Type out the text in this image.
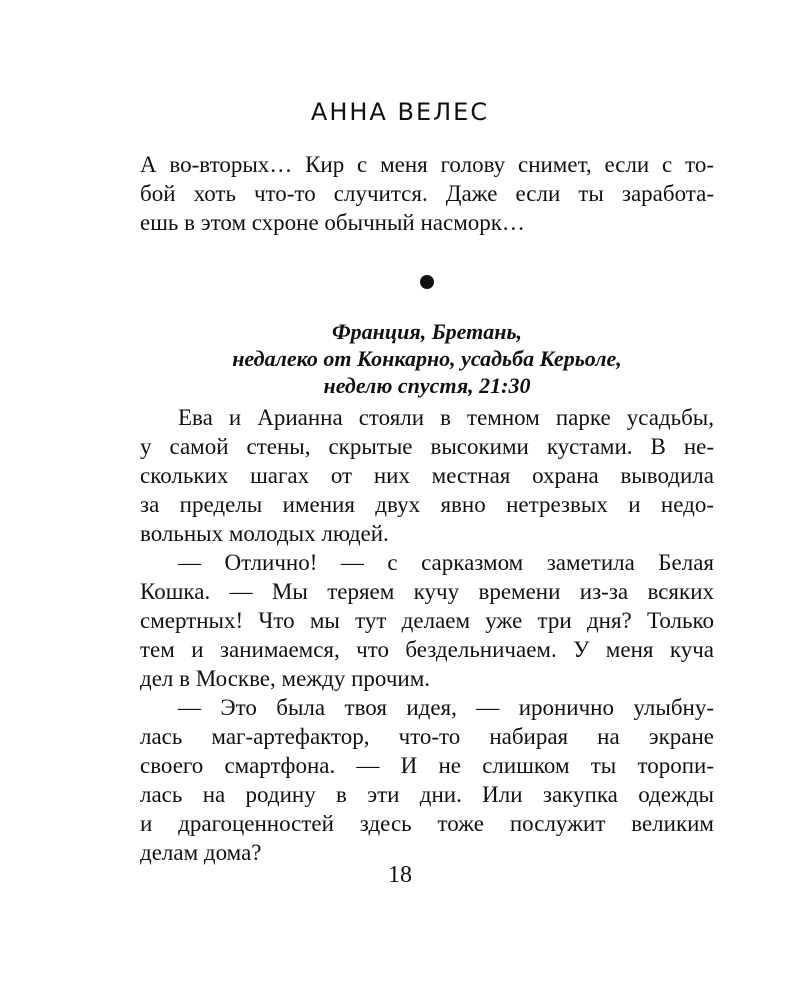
АННА ВЕЛЕС
А во-вторых… Кир с меня голову снимет, если с то-
бой хоть что-то случится. Даже если ты заработа-
ешь в этом схроне обычный насморк…
Франция, Бретань,
недалеко от Конкарно, усадьба Керьоле,
неделю спустя, 21:30
Ева и Арианна стояли в темном парке усадьбы,
у самой стены, скрытые высокими кустами. В не-
скольких шагах от них местная охрана выводила
за пределы имения двух явно нетрезвых и недо-
вольных молодых людей.
— Отлично! — с сарказмом заметила Белая
Кошка. — Мы теряем кучу времени из-за всяких
смертных! Что мы тут делаем уже три дня? Только
тем и занимаемся, что бездельничаем. У меня куча
дел в Москве, между прочим.
— Это была твоя идея, — иронично улыбну-
лась маг-артефактор, что-то набирая на экране
своего смартфона. — И не слишком ты торопи-
лась на родину в эти дни. Или закупка одежды
и драгоценностей здесь тоже послужит великим
делам дома?
18
